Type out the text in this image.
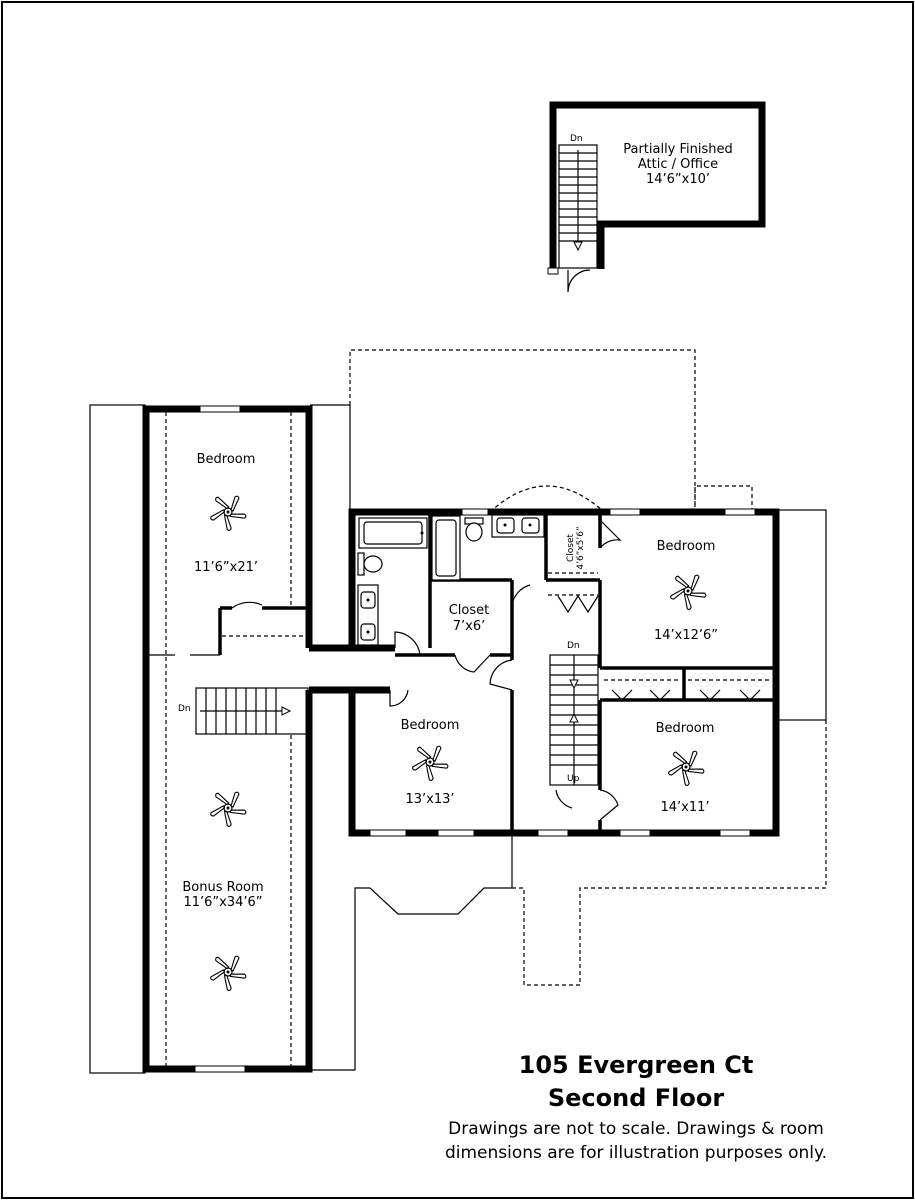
Dn
Partially Finished
Attic / Office
14’6”x10’
Dn
Dn
Up
Bedroom
11’6”x21’
Bonus Room
11’6”x34’6”
Bedroom
13’x13’
Bedroom
14’x12’6”
Bedroom
14’x11’
Closet
7’x6’
Closet 4’6”x5’6”
105 Evergreen Ct
Second Floor
Drawings are not to scale. Drawings & room
dimensions are for illustration purposes only.
